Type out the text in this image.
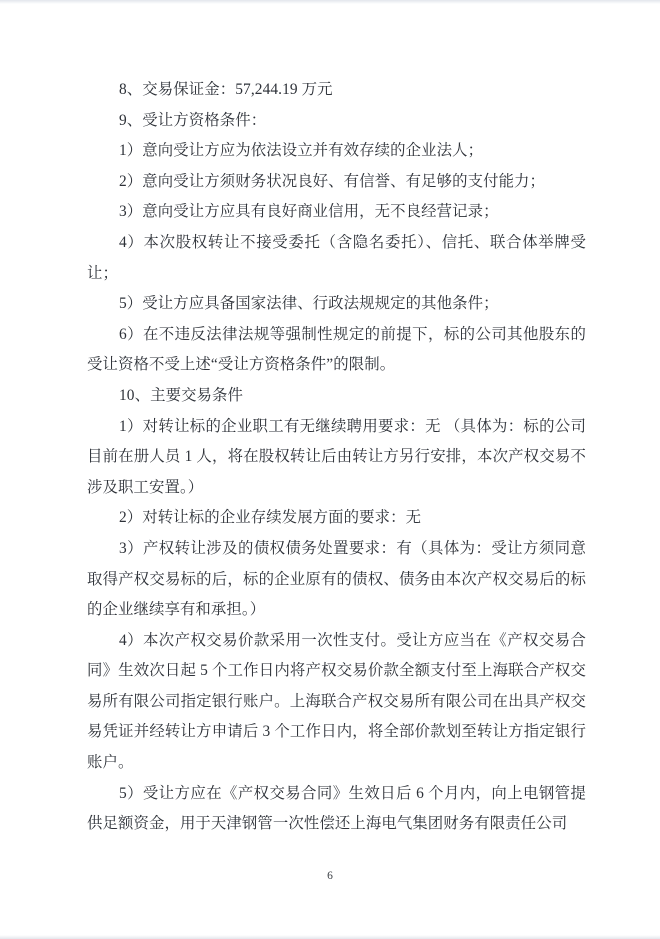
8、交易保证金：57,244.19 万元

9、受让方资格条件：

1）意向受让方应为依法设立并有效存续的企业法人；

2）意向受让方须财务状况良好、有信誉、有足够的支付能力；

3）意向受让方应具有良好商业信用，无不良经营记录；

4）本次股权转让不接受委托（含隐名委托）、信托、联合体举牌受让；

5）受让方应具备国家法律、行政法规规定的其他条件；

6）在不违反法律法规等强制性规定的前提下，标的公司其他股东的受让资格不受上述“受让方资格条件”的限制。

10、主要交易条件

1）对转让标的企业职工有无继续聘用要求：无 （具体为：标的公司目前在册人员 1 人，将在股权转让后由转让方另行安排，本次产权交易不涉及职工安置。）

2）对转让标的企业存续发展方面的要求：无

3）产权转让涉及的债权债务处置要求：有（具体为：受让方须同意取得产权交易标的后，标的企业原有的债权、债务由本次产权交易后的标的企业继续享有和承担。）

4）本次产权交易价款采用一次性支付。受让方应当在《产权交易合同》生效次日起 5 个工作日内将产权交易价款全额支付至上海联合产权交易所有限公司指定银行账户。上海联合产权交易所有限公司在出具产权交易凭证并经转让方申请后 3 个工作日内，将全部价款划至转让方指定银行账户。

5）受让方应在《产权交易合同》生效日后 6 个月内，向上电钢管提供足额资金，用于天津钢管一次性偿还上海电气集团财务有限责任公司

6
